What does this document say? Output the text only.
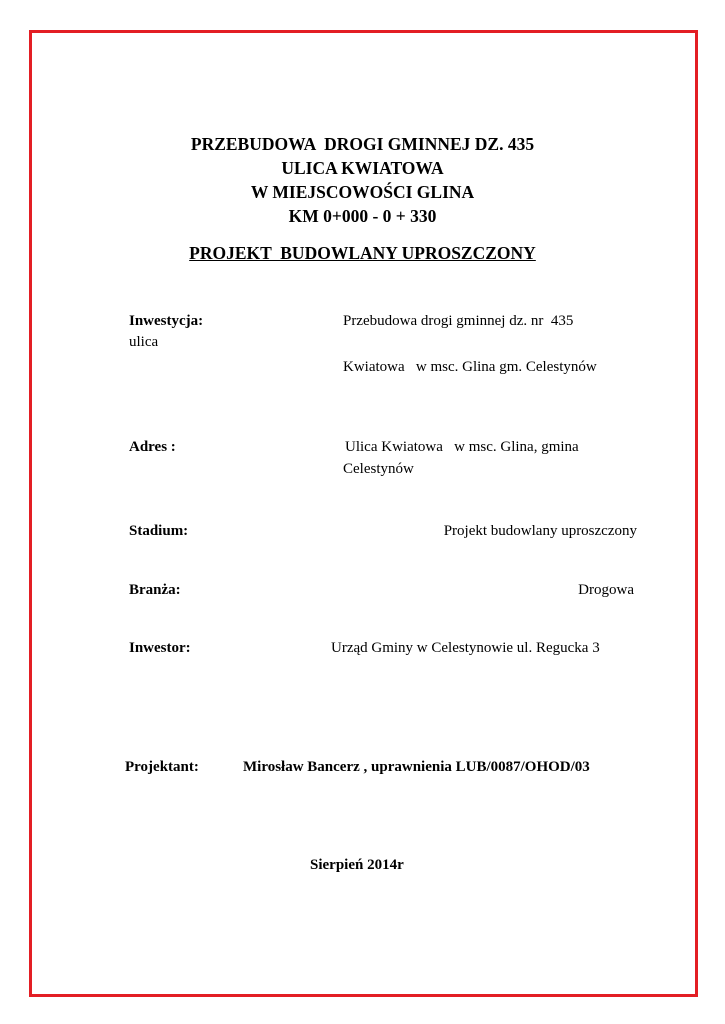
PRZEBUDOWA  DROGI GMINNEJ DZ. 435
ULICA KWIATOWA
W MIEJSCOWOŚCI GLINA
KM 0+000 - 0 + 330
PROJEKT  BUDOWLANY UPROSZCZONY
Inwestycja:	Przebudowa drogi gminnej dz. nr  435
ulica
Kwiatowa   w msc. Glina gm. Celestynów
Adres :	Ulica Kwiatowa   w msc. Glina, gmina
Celestynów
Stadium:	Projekt budowlany uproszczony
Branża:	Drogowa
Inwestor:	Urząd Gminy w Celestynowie ul. Regucka 3
Projektant:	Mirosław Bancerz , uprawnienia LUB/0087/OHOD/03
Sierpień 2014r
